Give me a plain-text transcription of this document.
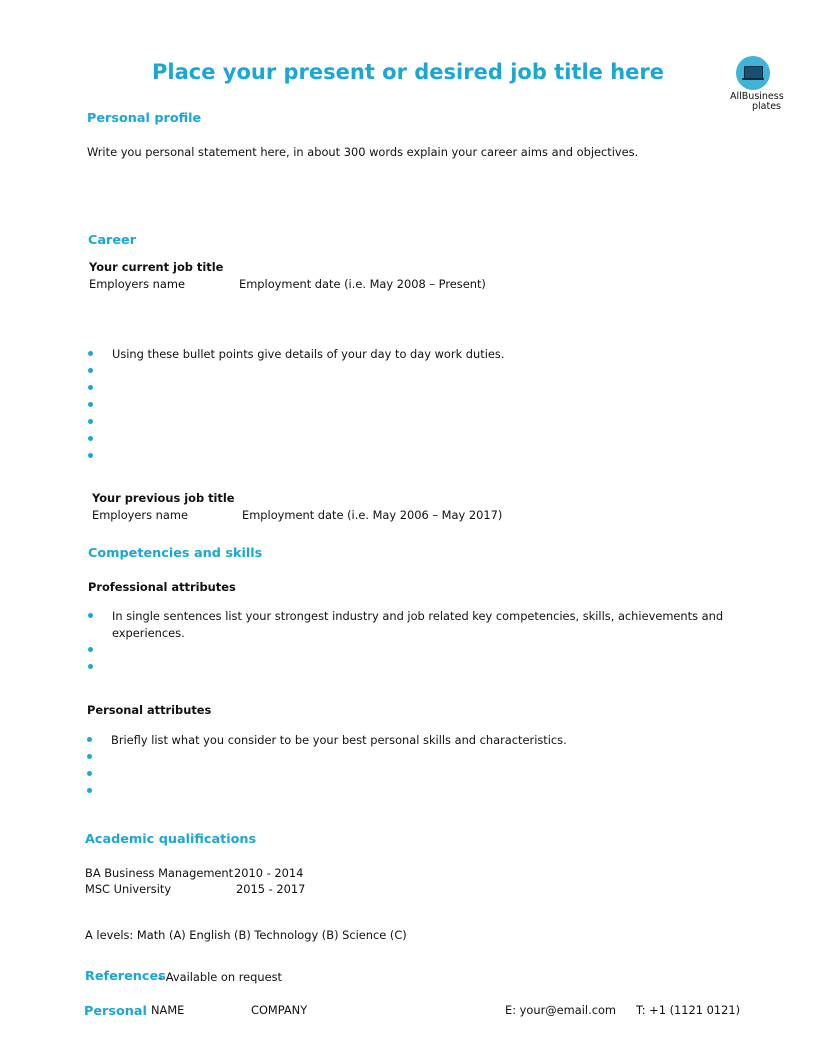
Place your present or desired job title here
AllBusiness
plates
Personal profile
Write you personal statement here, in about 300 words explain your career aims and objectives.
Career
Your current job title
Employers name	Employment date (i.e. May 2008 – Present)
Using these bullet points give details of your day to day work duties.
Your previous job title
Employers name	Employment date (i.e. May 2006 – May 2017)
Competencies and skills
Professional attributes
In single sentences list your strongest industry and job related key competencies, skills, achievements and
experiences.
Personal attributes
Briefly list what you consider to be your best personal skills and characteristics.
Academic qualifications
BA Business Management 2010 - 2014
MSC University	2015 - 2017
A levels: Math (A) English (B) Technology (B) Science (C)
References
- Available on request
Personal NAME	COMPANY	E: your@email.com T: +1 (1121 0121)
